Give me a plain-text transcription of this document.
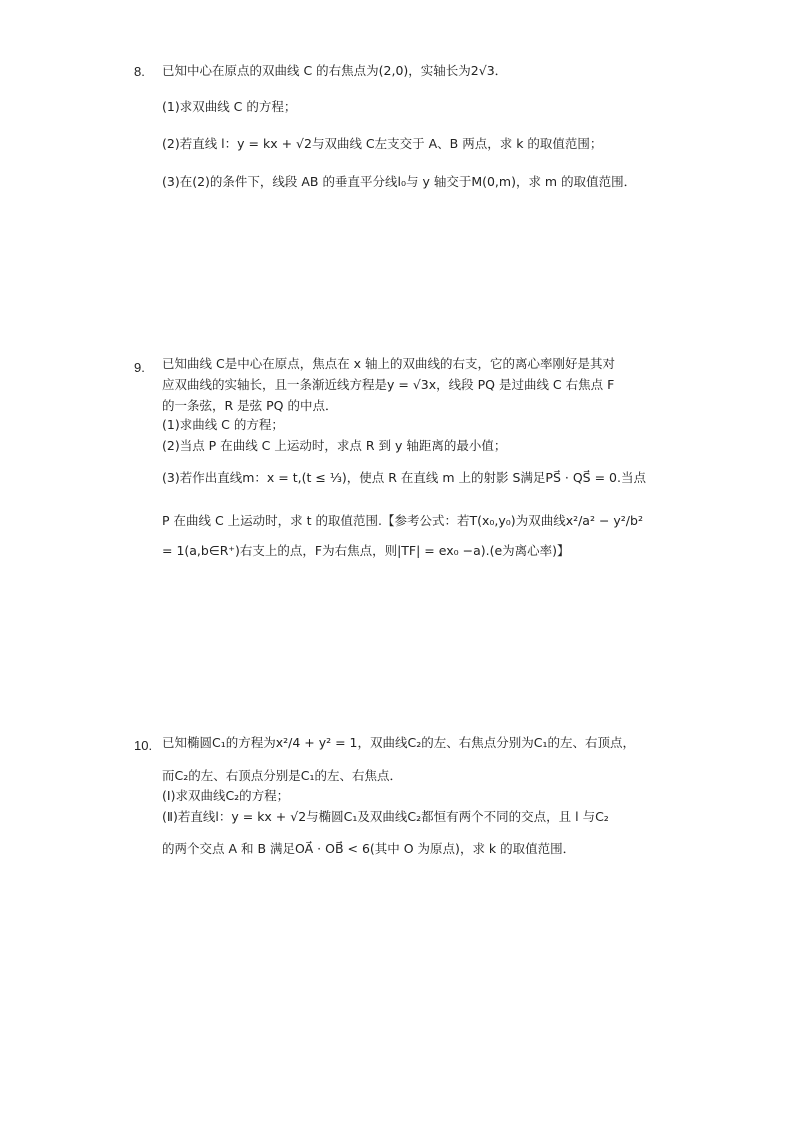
8. 已知中心在原点的双曲线 C 的右焦点为(2,0)，实轴长为2√3．
(1)求双曲线 C 的方程；
(2)若直线 l：y = kx + √2与双曲线 C左支交于 A、B 两点，求 k 的取值范围；
(3)在(2)的条件下，线段 AB 的垂直平分线l₀与 y 轴交于M(0,m)，求 m 的取值范围．
9. 已知曲线 C是中心在原点，焦点在 x 轴上的双曲线的右支，它的离心率刚好是其对
应双曲线的实轴长，且一条渐近线方程是y = √3x，线段 PQ 是过曲线 C 右焦点 F
的一条弦，R 是弦 PQ 的中点．
(1)求曲线 C 的方程；
(2)当点 P 在曲线 C 上运动时，求点 R 到 y 轴距离的最小值；
(3)若作出直线m：x = t,(t ≤ ⅓)，使点 R 在直线 m 上的射影 S满足PS⃗ · QS⃗ = 0.当点
P 在曲线 C 上运动时，求 t 的取值范围.【参考公式：若T(x₀,y₀)为双曲线x²/a² − y²/b²
= 1(a,b∈R⁺)右支上的点，F为右焦点，则|TF| = ex₀ −a).(e为离心率)】
10. 已知椭圆C₁的方程为x²/4 + y² = 1，双曲线C₂的左、右焦点分别为C₁的左、右顶点，
而C₂的左、右顶点分别是C₁的左、右焦点．
(Ⅰ)求双曲线C₂的方程；
(Ⅱ)若直线l：y = kx + √2与椭圆C₁及双曲线C₂都恒有两个不同的交点，且 l 与C₂
的两个交点 A 和 B 满足OA⃗ · OB⃗ < 6(其中 O 为原点)，求 k 的取值范围．
